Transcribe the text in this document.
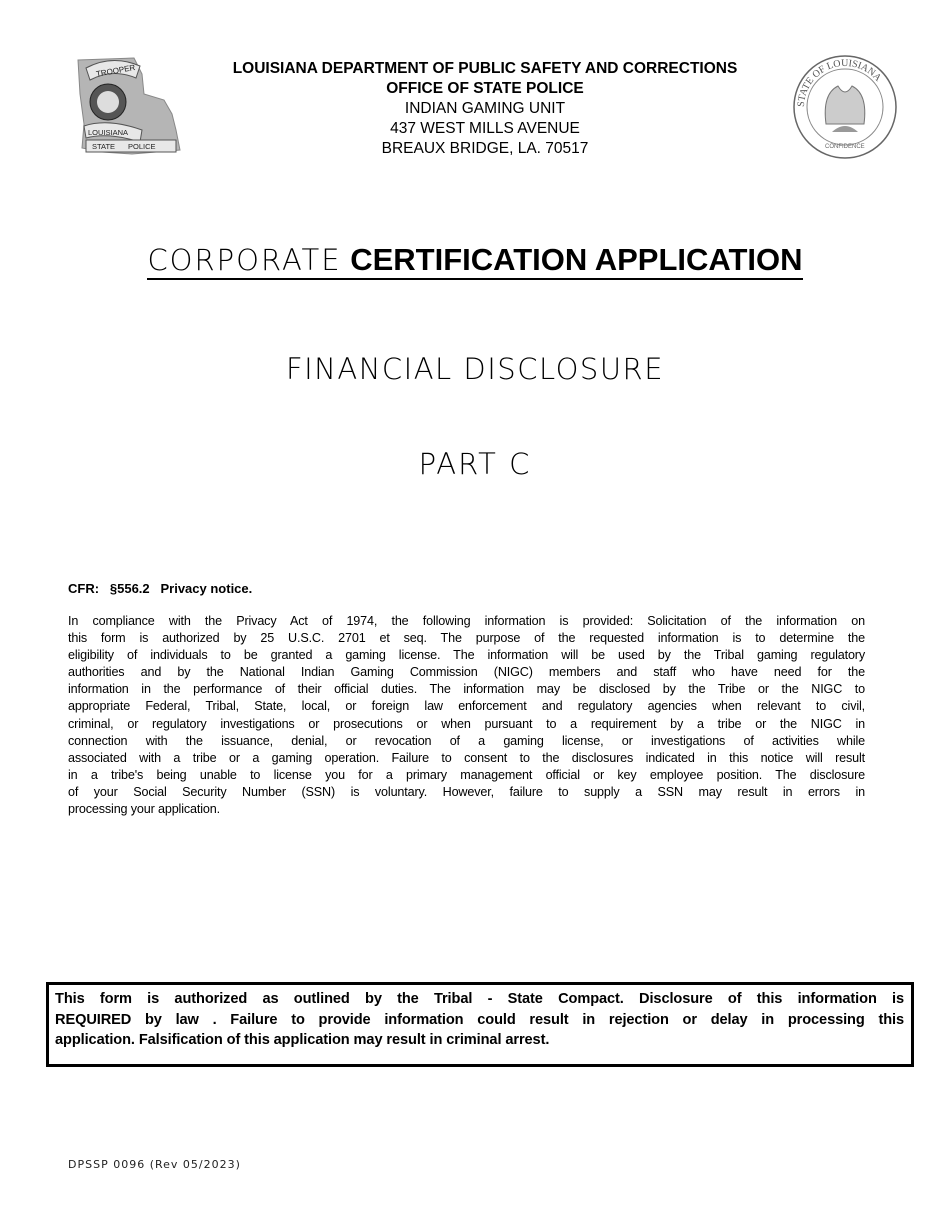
TROOPER
LOUISIANA
STATE POLICE
LOUISIANA DEPARTMENT OF PUBLIC SAFETY AND CORRECTIONS
OFFICE OF STATE POLICE
INDIAN GAMING UNIT
437 WEST MILLS AVENUE
BREAUX BRIDGE, LA. 70517
STATE OF LOUISIANA
CONFIDENCE
CORPORATE CERTIFICATION APPLICATION
FINANCIAL DISCLOSURE
PART C
CFR:   §556.2   Privacy notice.
In compliance with the Privacy Act of 1974, the following information is provided: Solicitation of the information on
this form is authorized by 25 U.S.C. 2701 et seq. The purpose of the requested information is to determine the
eligibility of individuals to be granted a gaming license. The information will be used by the Tribal gaming regulatory
authorities and by the National Indian Gaming Commission (NIGC) members and staff who have need for the
information in the performance of their official duties. The information may be disclosed by the Tribe or the NIGC to
appropriate Federal, Tribal, State, local, or foreign law enforcement and regulatory agencies when relevant to civil,
criminal, or regulatory investigations or prosecutions or when pursuant to a requirement by a tribe or the NIGC in
connection with the issuance, denial, or revocation of a gaming license, or investigations of activities while
associated with a tribe or a gaming operation. Failure to consent to the disclosures indicated in this notice will result
in a tribe's being unable to license you for a primary management official or key employee position. The disclosure
of your Social Security Number (SSN) is voluntary. However, failure to supply a SSN may result in errors in
processing your application.
This form is authorized as outlined by the Tribal - State Compact. Disclosure of this information is
REQUIRED by law . Failure to provide information could result in rejection or delay in processing this
application. Falsification of this application may result in criminal arrest.
DPSSP 0096 (Rev 05/2023)
